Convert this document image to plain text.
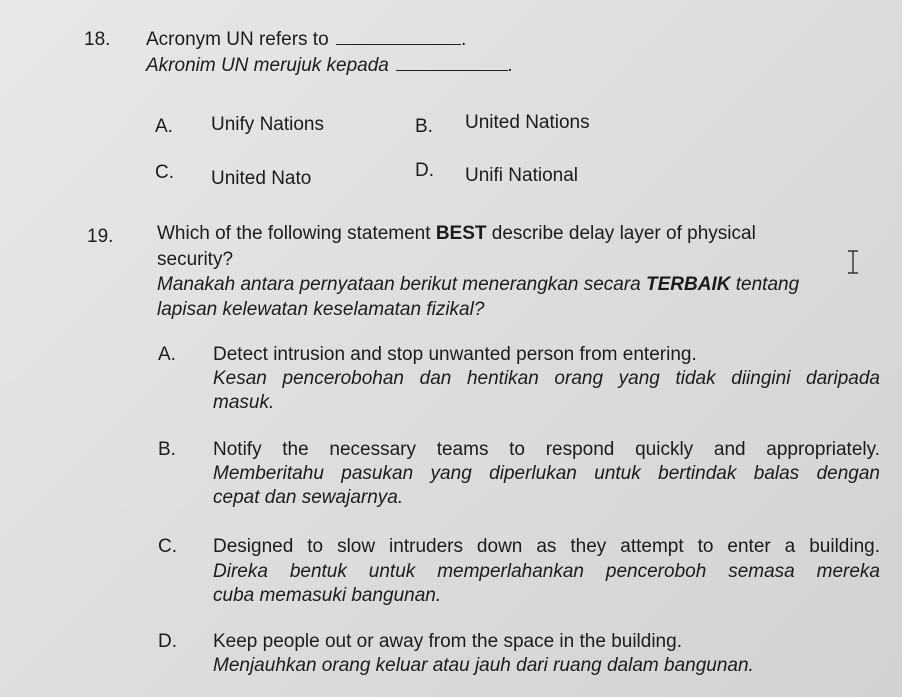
18. Acronym UN refers to	.
Akronim UN merujuk kepada	.
A. Unify Nations	B. United Nations
C. United Nato	D. Unifi National
19. Which of the following statement BEST describe delay layer of physical
security?
Manakah antara pernyataan berikut menerangkan secara TERBAIK tentang
lapisan kelewatan keselamatan fizikal?
A. Detect intrusion and stop unwanted person from entering.
Kesan pencerobohan dan hentikan orang yang tidak diingini daripada
masuk.
B. Notify the necessary teams to respond quickly and appropriately.
Memberitahu pasukan yang diperlukan untuk bertindak balas dengan
cepat dan sewajarnya.
C. Designed to slow intruders down as they attempt to enter a building.
Direka bentuk untuk memperlahankan penceroboh semasa mereka
cuba memasuki bangunan.
D. Keep people out or away from the space in the building.
Menjauhkan orang keluar atau jauh dari ruang dalam bangunan.
